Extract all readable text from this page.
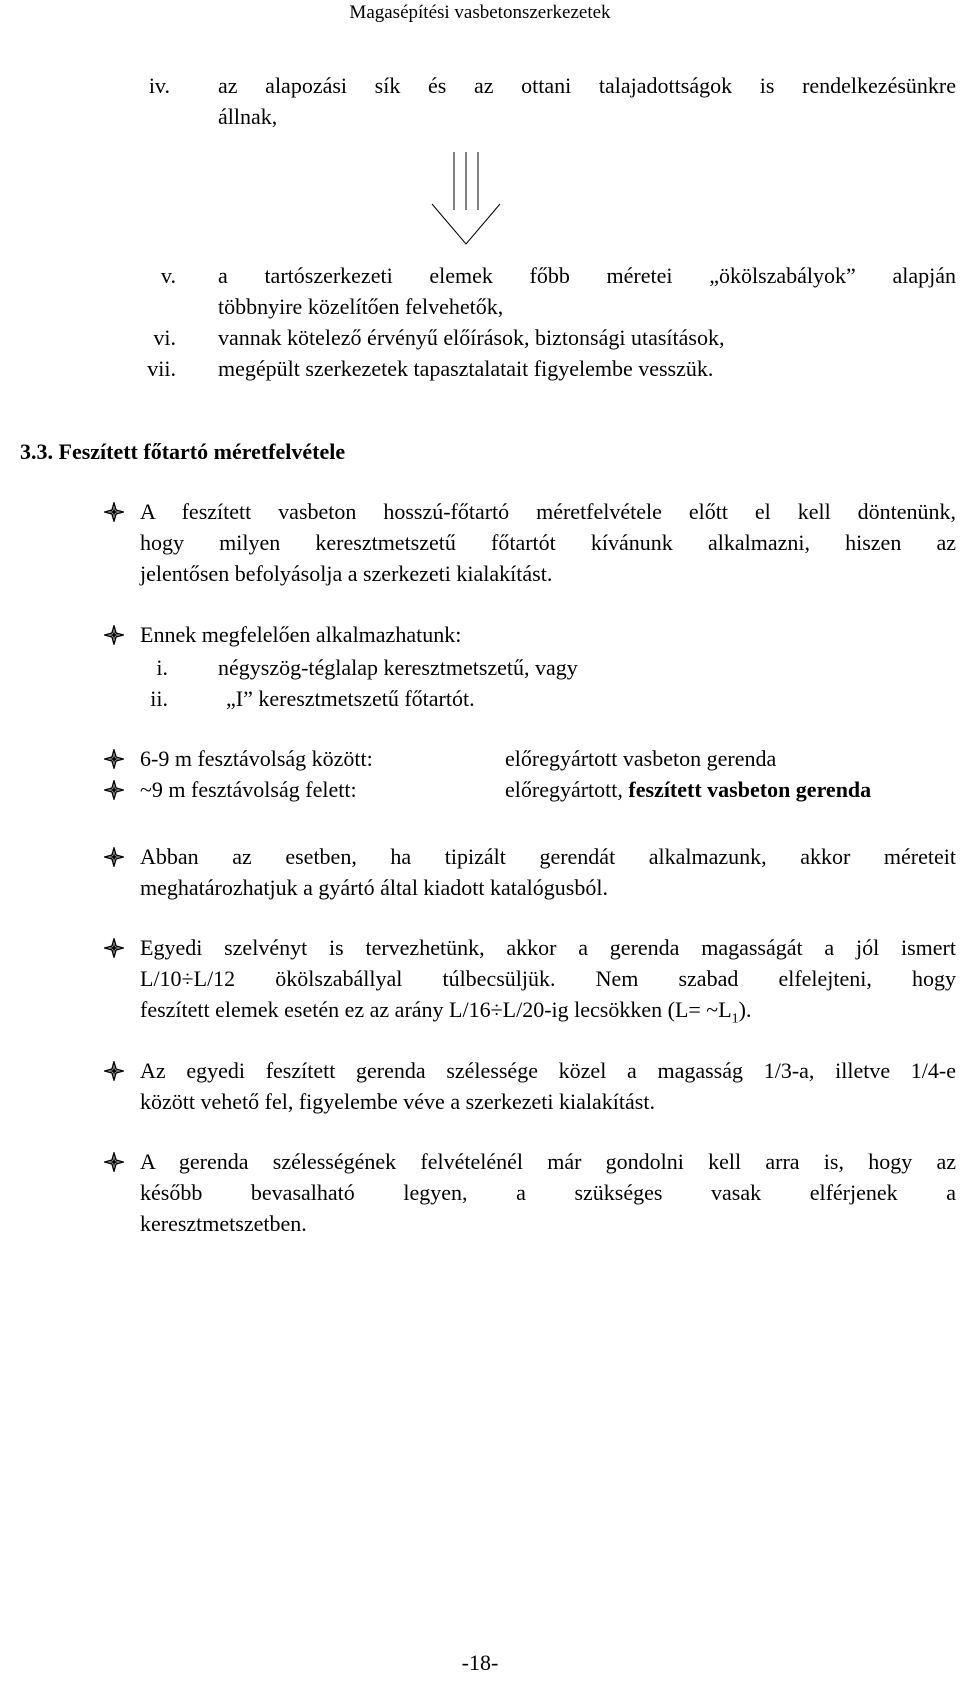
Magasépítési vasbetonszerkezetek
iv. az alapozási sík és az ottani talajadottságok is rendelkezésünkre
állnak,
v. a tartószerkezeti elemek főbb méretei „ökölszabályok” alapján
többnyire közelítően felvehetők,
vi. vannak kötelező érvényű előírások, biztonsági utasítások,
vii. megépült szerkezetek tapasztalatait figyelembe vesszük.
3.3. Feszített főtartó méretfelvétele
A feszített vasbeton hosszú-főtartó méretfelvétele előtt el kell döntenünk,
hogy milyen keresztmetszetű főtartót kívánunk alkalmazni, hiszen az
jelentősen befolyásolja a szerkezeti kialakítást.
Ennek megfelelően alkalmazhatunk:
i. négyszög-téglalap keresztmetszetű, vagy
ii.	„I” keresztmetszetű főtartót.
6-9 m fesztávolság között:	előregyártott vasbeton gerenda
~9 m fesztávolság felett:	előregyártott, feszített vasbeton gerenda
Abban az esetben, ha tipizált gerendát alkalmazunk, akkor méreteit
meghatározhatjuk a gyártó által kiadott katalógusból.
Egyedi szelvényt is tervezhetünk, akkor a gerenda magasságát a jól ismert
L/10÷L/12 ökölszabállyal túlbecsüljük. Nem szabad elfelejteni, hogy
feszített elemek esetén ez az arány L/16÷L/20-ig lecsökken $(L= \sim L_1)$.
Az egyedi feszített gerenda szélessége közel a magasság 1/3-a, illetve 1/4-e
között vehető fel, figyelembe véve a szerkezeti kialakítást.
A gerenda szélességének felvételénél már gondolni kell arra is, hogy az
később bevasalható legyen, a szükséges vasak elférjenek a
keresztmetszetben.
-18-
